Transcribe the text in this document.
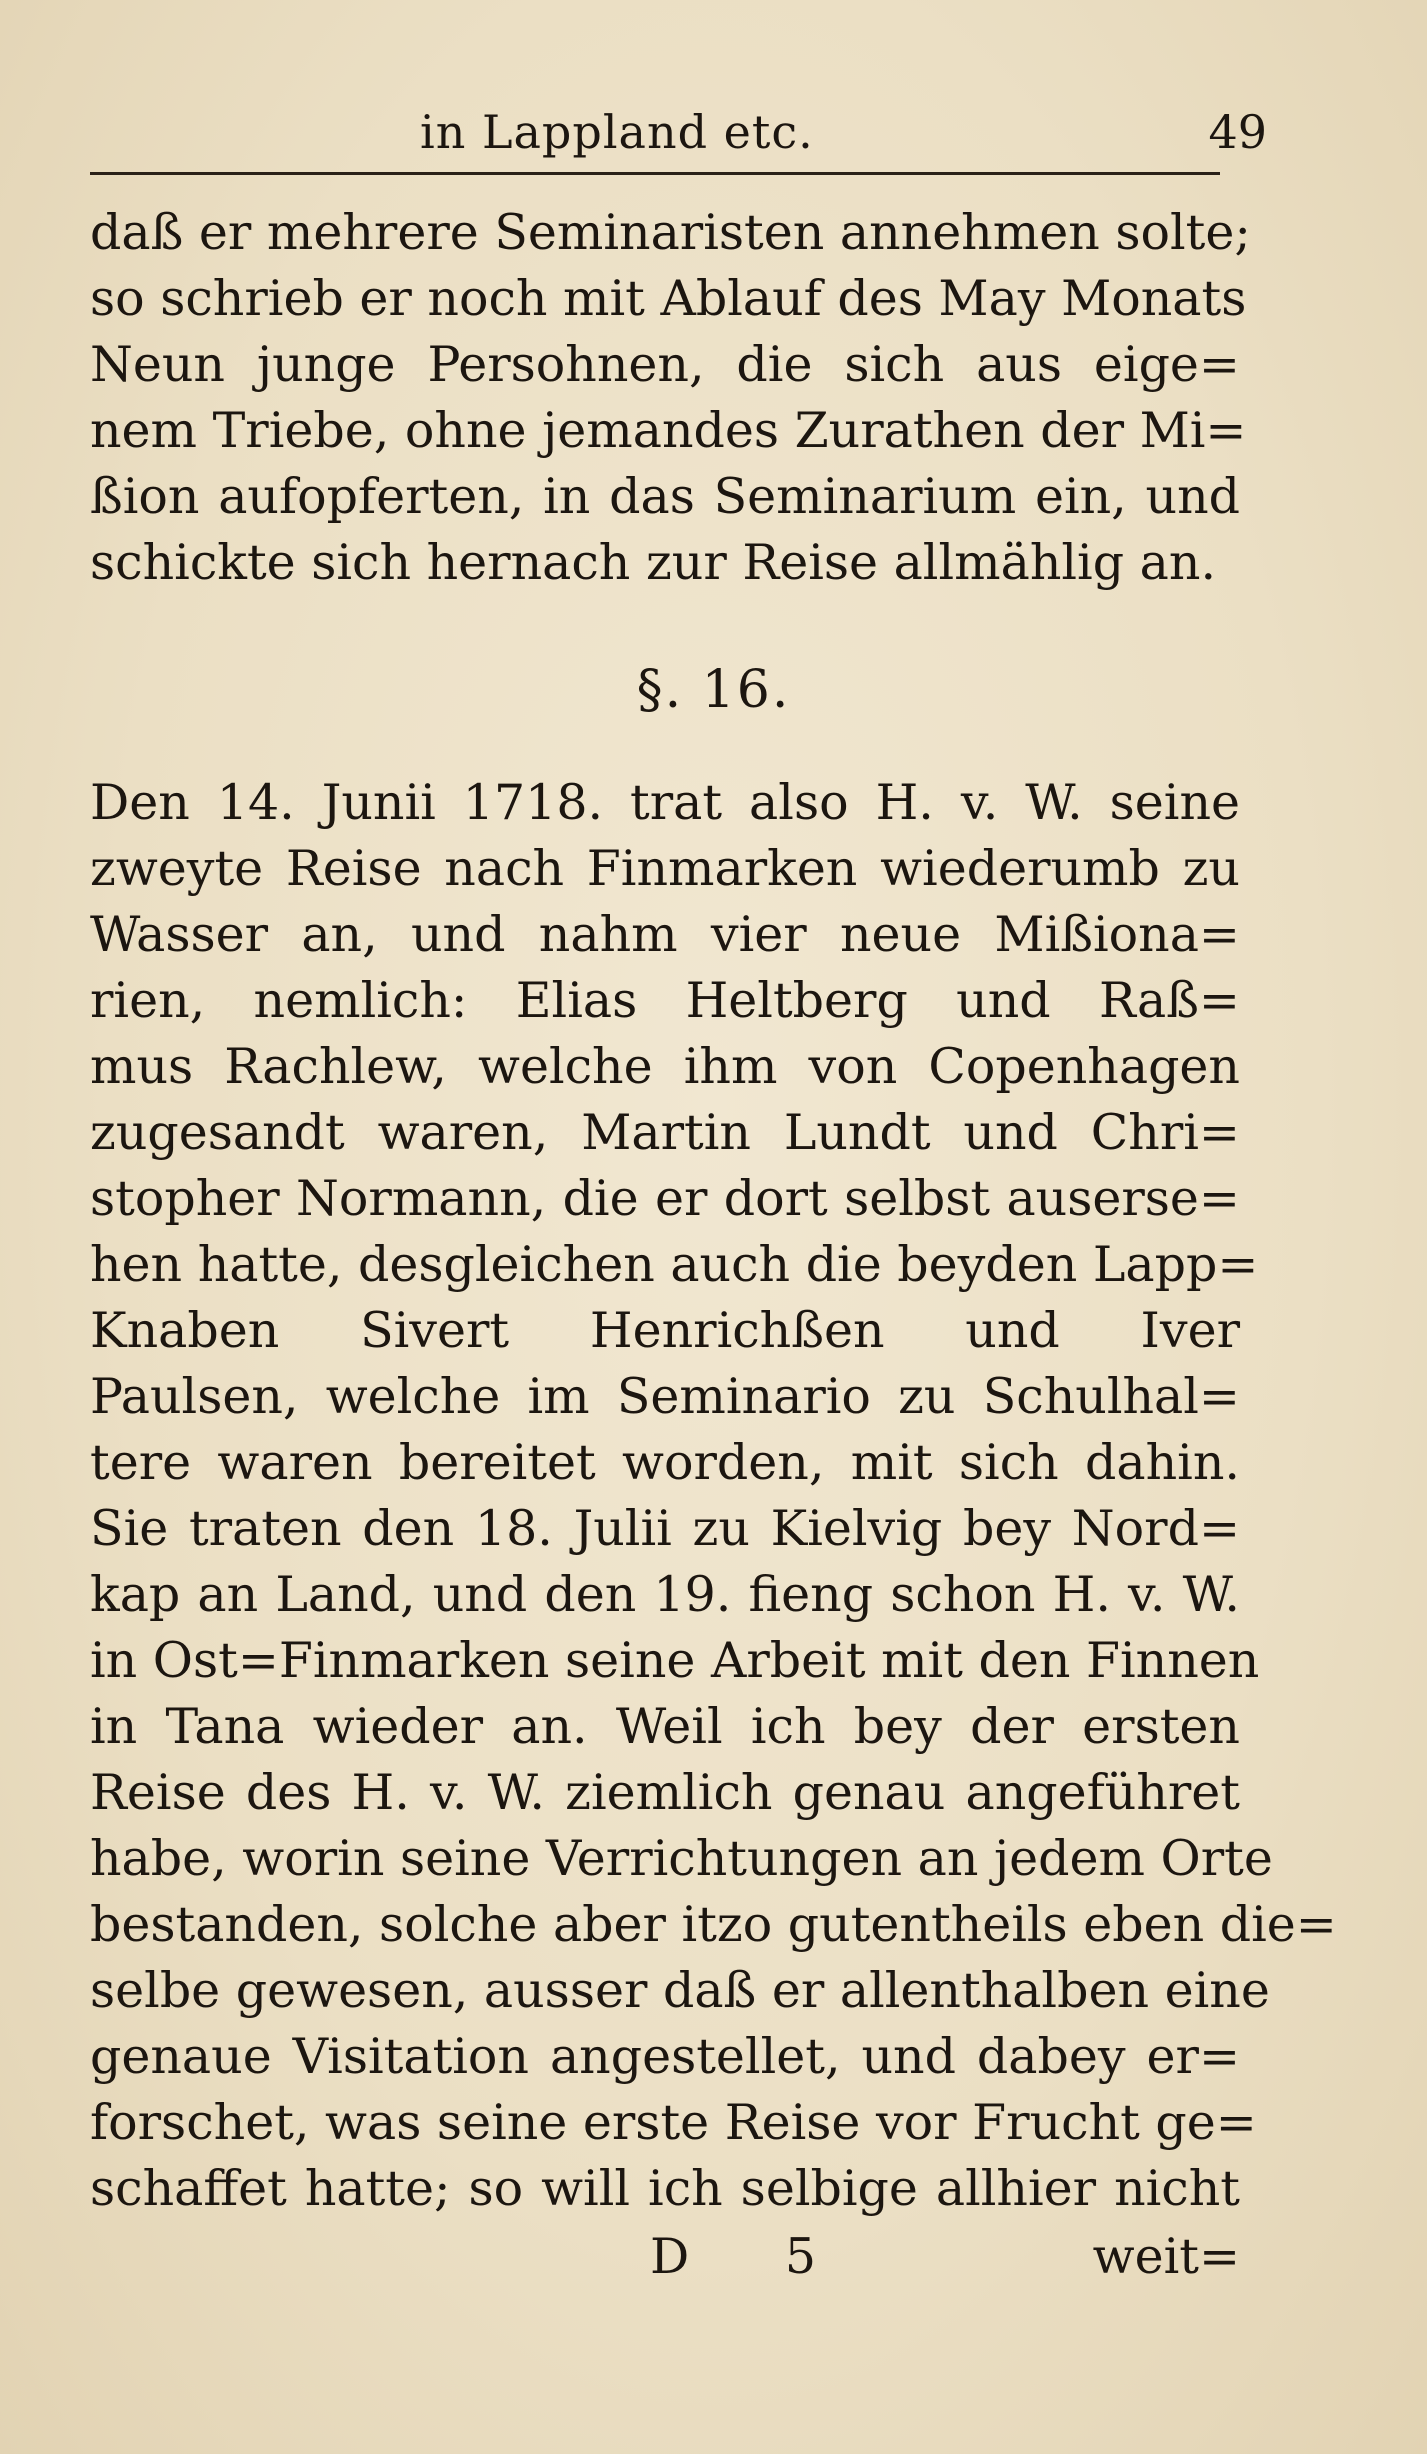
in Lappland etc.	49
daß er mehrere Seminaristen annehmen solte;
so schrieb er noch mit Ablauf des May Monats
Neun junge Persohnen, die sich aus eige=
nem Triebe, ohne jemandes Zurathen der Mi=
ßion aufopferten, in das Seminarium ein, und
schickte sich hernach zur Reise allmählig an.
§. 16.
Den 14. Junii 1718. trat also H. v. W. seine
zweyte Reise nach Finmarken wiederumb zu
Wasser an, und nahm vier neue Mißiona=
rien, nemlich: Elias Heltberg und Raß=
mus Rachlew, welche ihm von Copenhagen
zugesandt waren, Martin Lundt und Chri=
stopher Normann, die er dort selbst auserse=
hen hatte, desgleichen auch die beyden Lapp=
Knaben Sivert Henrichßen und Iver
Paulsen, welche im Seminario zu Schulhal=
tere waren bereitet worden, mit sich dahin.
Sie traten den 18. Julii zu Kielvig bey Nord=
kap an Land, und den 19. fieng schon H. v. W.
in Ost=Finmarken seine Arbeit mit den Finnen
in Tana wieder an. Weil ich bey der ersten
Reise des H. v. W. ziemlich genau angeführet
habe, worin seine Verrichtungen an jedem Orte
bestanden, solche aber itzo gutentheils eben die=
selbe gewesen, ausser daß er allenthalben eine
genaue Visitation angestellet, und dabey er=
forschet, was seine erste Reise vor Frucht ge=
schaffet hatte; so will ich selbige allhier nicht
D 5	weit=
